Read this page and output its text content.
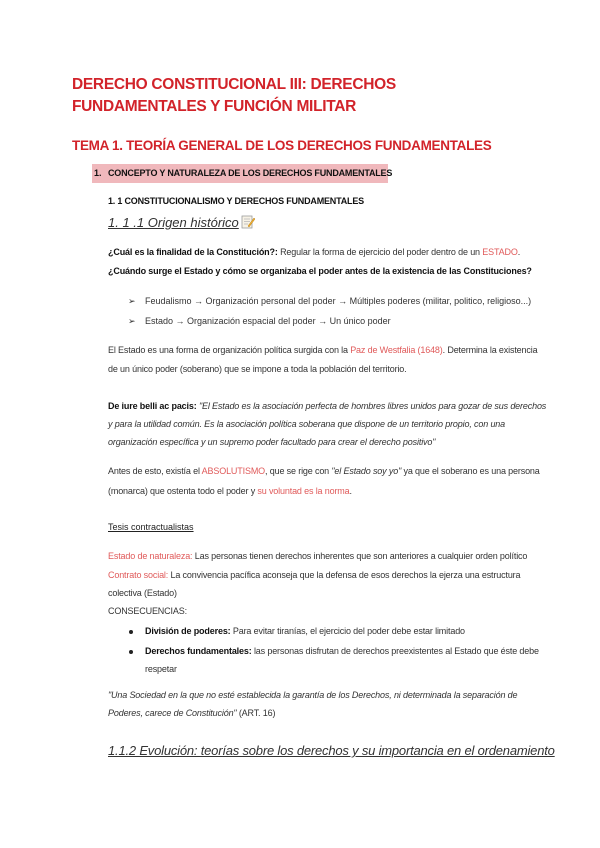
DERECHO CONSTITUCIONAL III: DERECHOS FUNDAMENTALES Y FUNCIÓN MILITAR
TEMA 1. TEORÍA GENERAL DE LOS DERECHOS FUNDAMENTALES
1. CONCEPTO Y NATURALEZA DE LOS DERECHOS FUNDAMENTALES
1. 1 CONSTITUCIONALISMO Y DERECHOS FUNDAMENTALES
1. 1 .1 Origen histórico
¿Cuál es la finalidad de la Constitución?: Regular la forma de ejercicio del poder dentro de un ESTADO.
¿Cuándo surge el Estado y cómo se organizaba el poder antes de la existencia de las Constituciones?
➢ Feudalismo → Organización personal del poder → Múltiples poderes (militar, politico, religioso...)
➢ Estado → Organización espacial del poder → Un único poder
El Estado es una forma de organización política surgida con la Paz de Westfalia (1648). Determina la existencia
de un único poder (soberano) que se impone a toda la población del territorio.
De iure belli ac pacis: "El Estado es la asociación perfecta de hombres libres unidos para gozar de sus derechos
y para la utilidad común. Es la asociación política soberana que dispone de un territorio propio, con una
organización específica y un supremo poder facultado para crear el derecho positivo"
Antes de esto, existía el ABSOLUTISMO, que se rige con "el Estado soy yo" ya que el soberano es una persona
(monarca) que ostenta todo el poder y su voluntad es la norma.
Tesis contractualistas
Estado de naturaleza: Las personas tienen derechos inherentes que son anteriores a cualquier orden político
Contrato social: La convivencia pacífica aconseja que la defensa de esos derechos la ejerza una estructura
colectiva (Estado)
CONSECUENCIAS:
División de poderes: Para evitar tiranías, el ejercicio del poder debe estar limitado
Derechos fundamentales: las personas disfrutan de derechos preexistentes al Estado que éste debe
respetar
"Una Sociedad en la que no esté establecida la garantía de los Derechos, ni determinada la separación de
Poderes, carece de Constitución" (ART. 16)
1.1.2 Evolución: teorías sobre los derechos y su importancia en el ordenamiento
